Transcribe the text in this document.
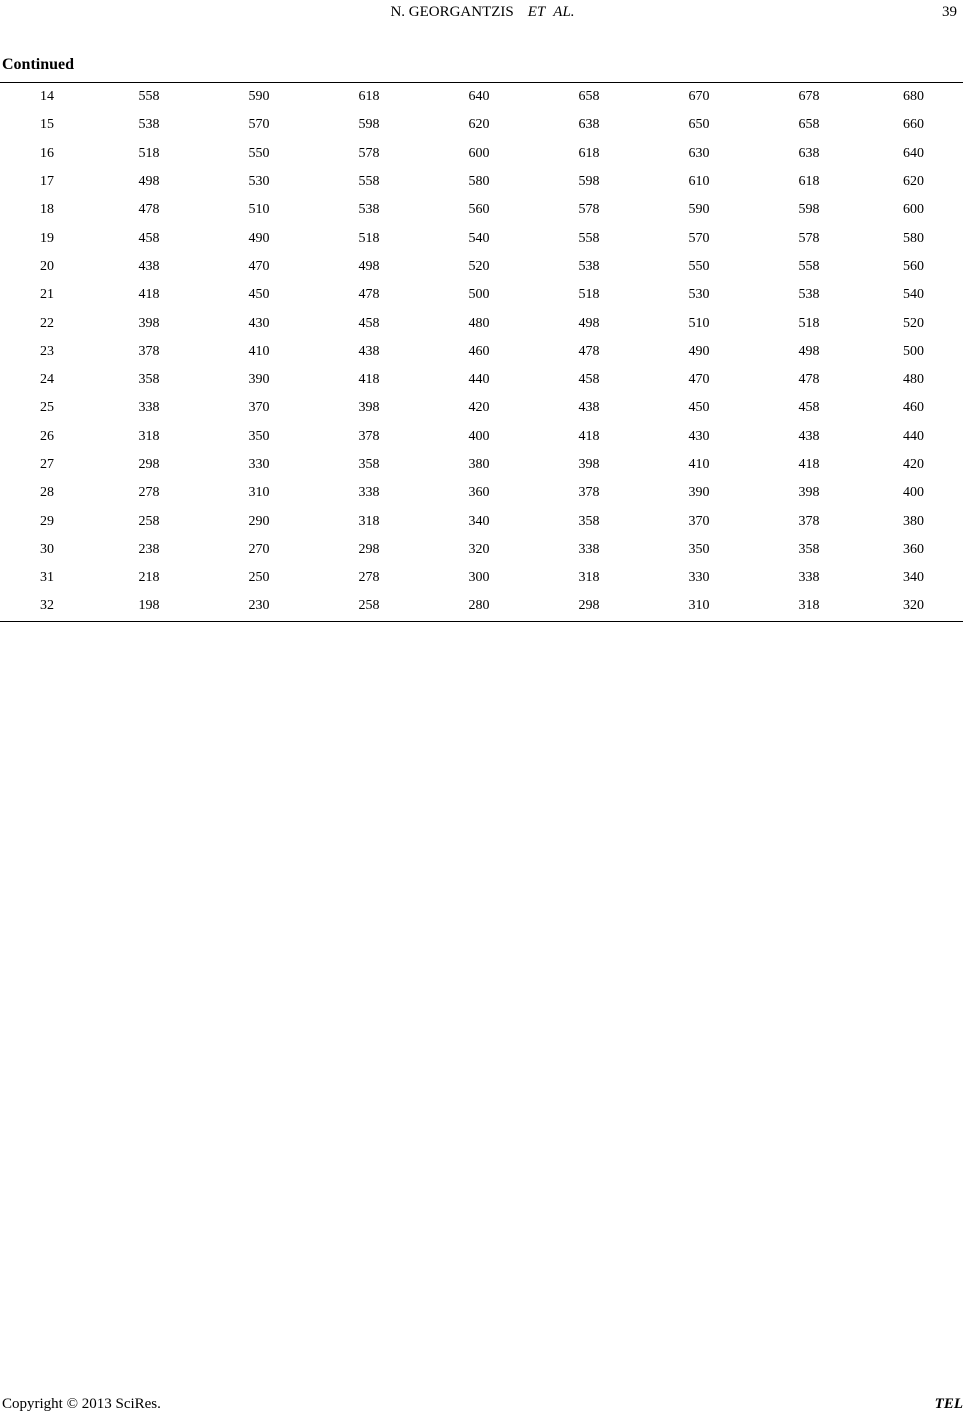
N. GEORGANTZIS ET AL.	39
Continued
14	558	590	618	640	658	670	678	680
15	538	570	598	620	638	650	658	660
16	518	550	578	600	618	630	638	640
17	498	530	558	580	598	610	618	620
18	478	510	538	560	578	590	598	600
19	458	490	518	540	558	570	578	580
20	438	470	498	520	538	550	558	560
21	418	450	478	500	518	530	538	540
22	398	430	458	480	498	510	518	520
23	378	410	438	460	478	490	498	500
24	358	390	418	440	458	470	478	480
25	338	370	398	420	438	450	458	460
26	318	350	378	400	418	430	438	440
27	298	330	358	380	398	410	418	420
28	278	310	338	360	378	390	398	400
29	258	290	318	340	358	370	378	380
30	238	270	298	320	338	350	358	360
31	218	250	278	300	318	330	338	340
32	198	230	258	280	298	310	318	320
Copyright © 2013 SciRes.	TEL
